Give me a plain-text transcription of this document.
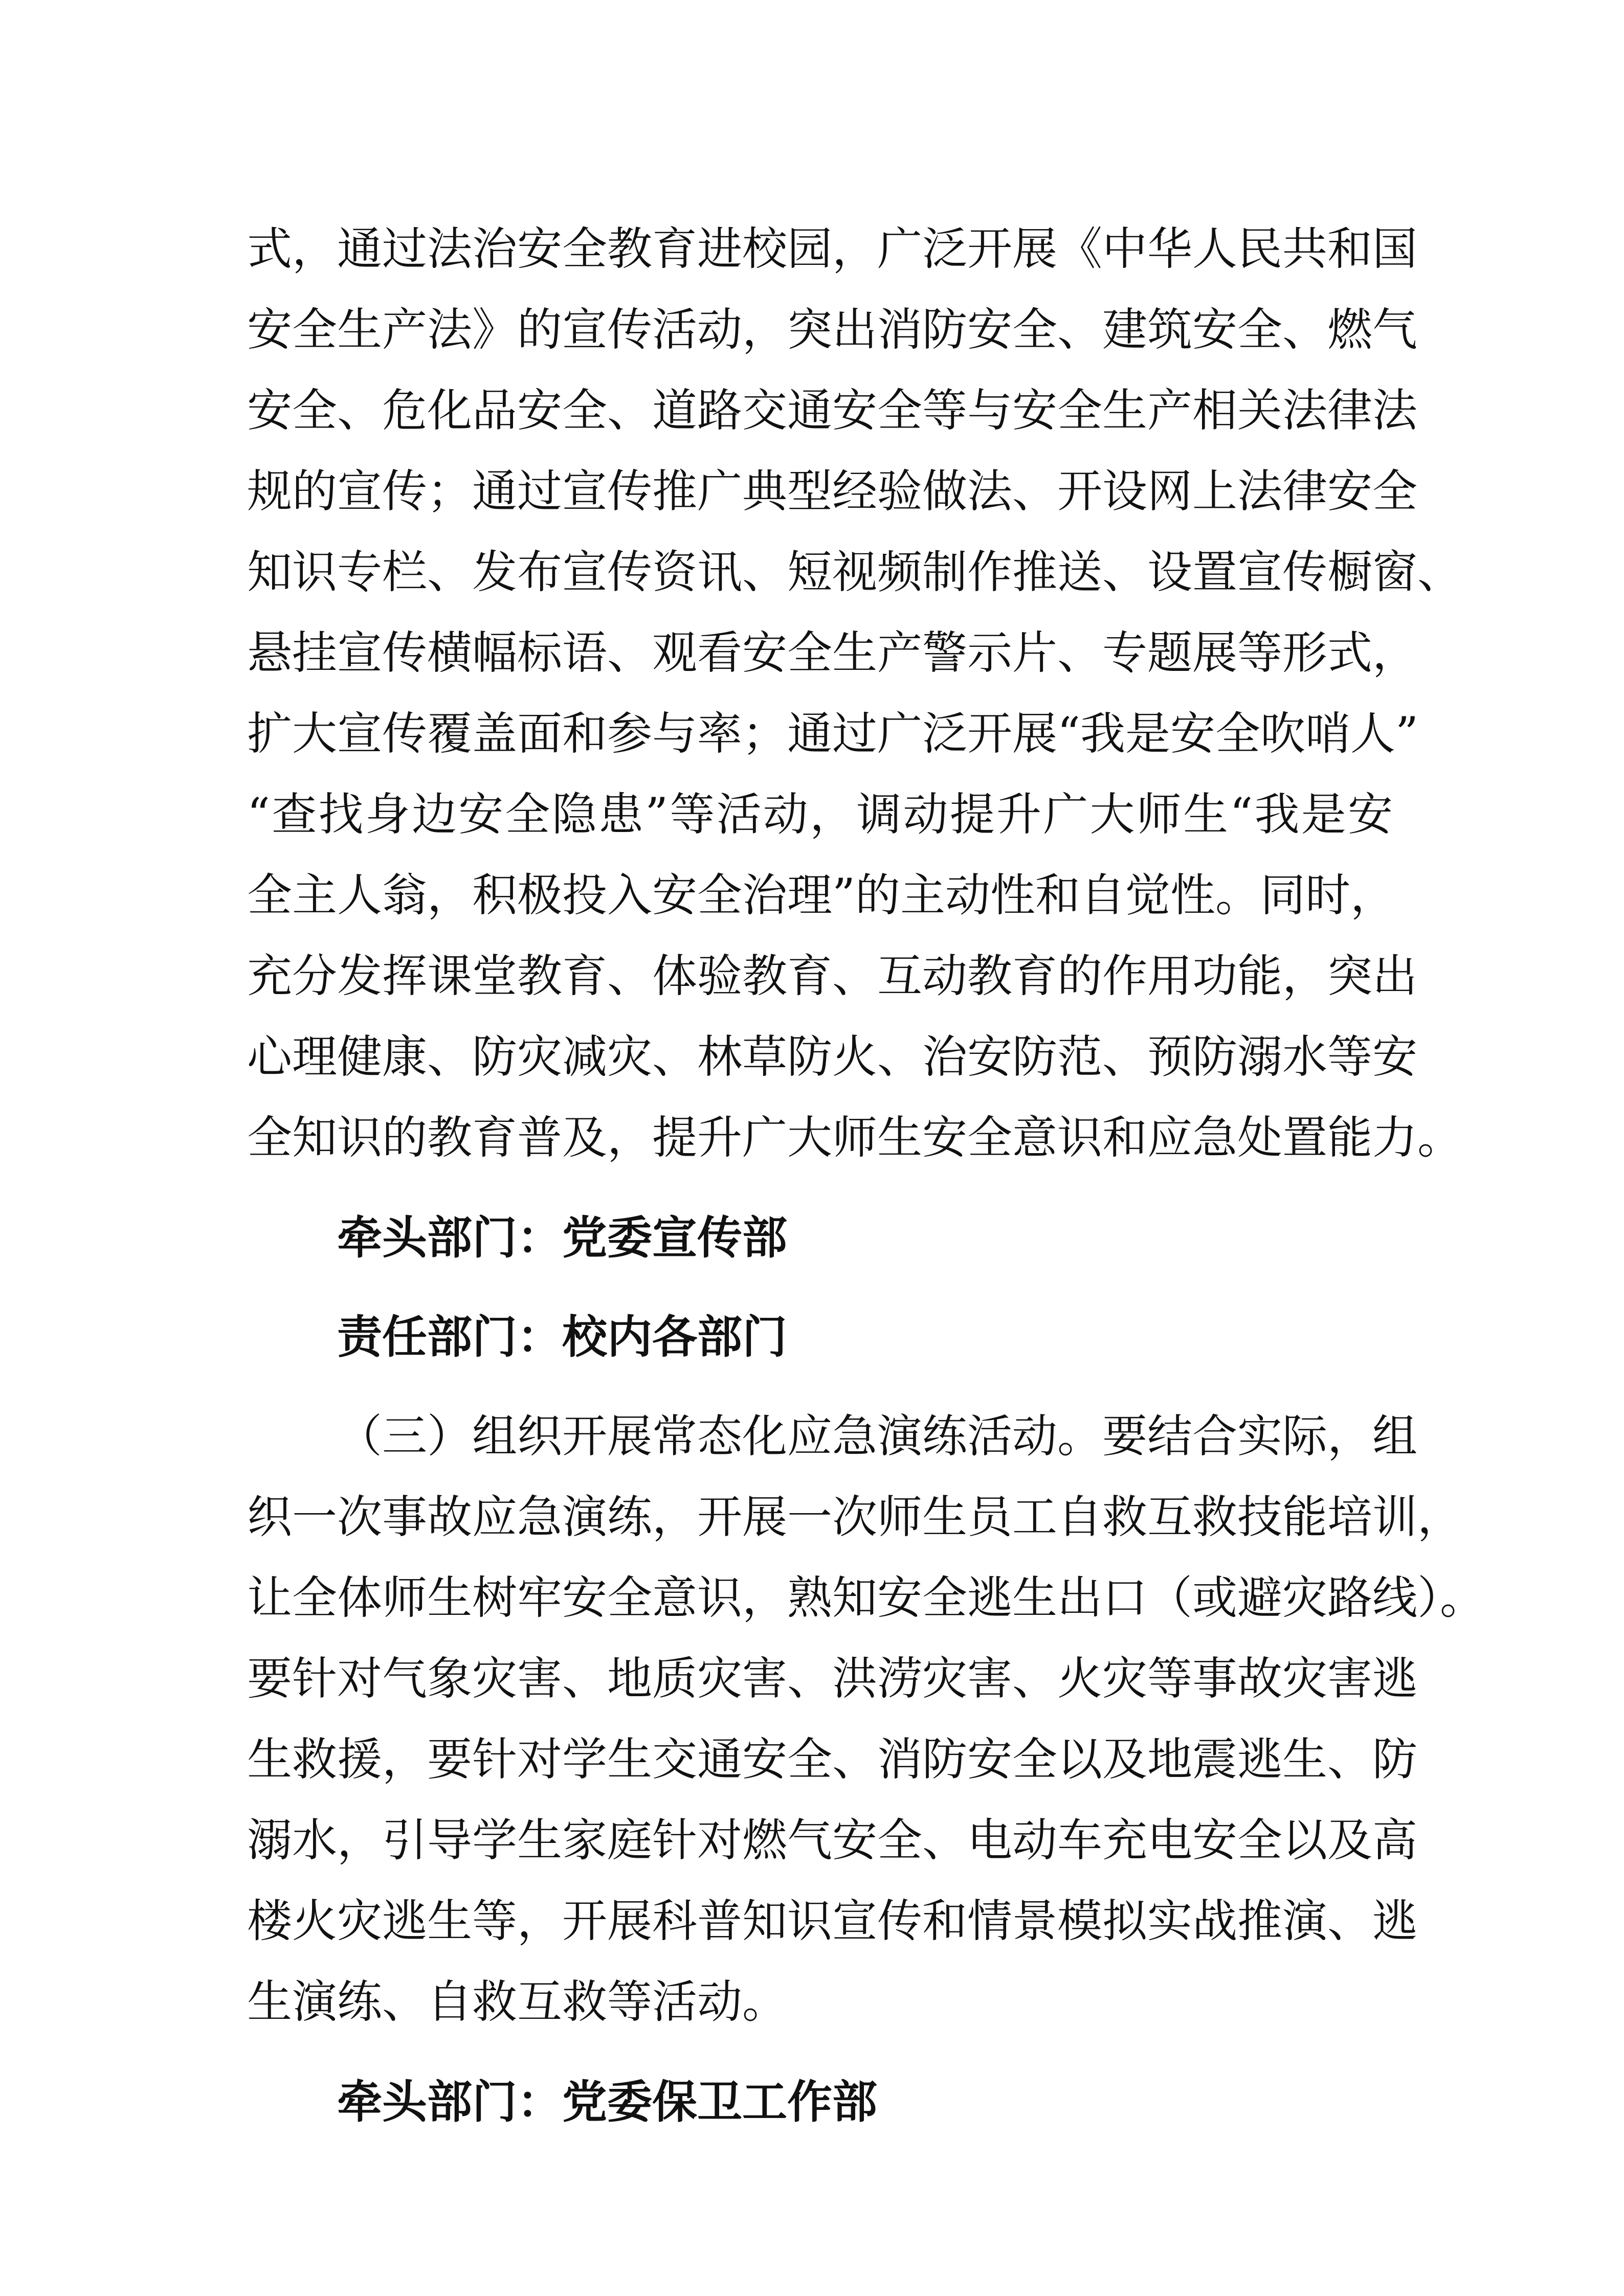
式，通过法治安全教育进校园，广泛开展《中华人民共和国
安全生产法》的宣传活动，突出消防安全、建筑安全、燃气
安全、危化品安全、道路交通安全等与安全生产相关法律法
规的宣传；通过宣传推广典型经验做法、开设网上法律安全
知识专栏、发布宣传资讯、短视频制作推送、设置宣传橱窗、
悬挂宣传横幅标语、观看安全生产警示片、专题展等形式，
扩大宣传覆盖面和参与率；通过广泛开展“我是安全吹哨人”
“查找身边安全隐患”等活动，调动提升广大师生“我是安
全主人翁，积极投入安全治理”的主动性和自觉性。同时，
充分发挥课堂教育、体验教育、互动教育的作用功能，突出
心理健康、防灾减灾、林草防火、治安防范、预防溺水等安
全知识的教育普及，提升广大师生安全意识和应急处置能力。
牵头部门：党委宣传部
责任部门：校内各部门
（三）组织开展常态化应急演练活动。要结合实际，组
织一次事故应急演练，开展一次师生员工自救互救技能培训，
让全体师生树牢安全意识，熟知安全逃生出口（或避灾路线）。
要针对气象灾害、地质灾害、洪涝灾害、火灾等事故灾害逃
生救援，要针对学生交通安全、消防安全以及地震逃生、防
溺水，引导学生家庭针对燃气安全、电动车充电安全以及高
楼火灾逃生等，开展科普知识宣传和情景模拟实战推演、逃
生演练、自救互救等活动。
牵头部门：党委保卫工作部
